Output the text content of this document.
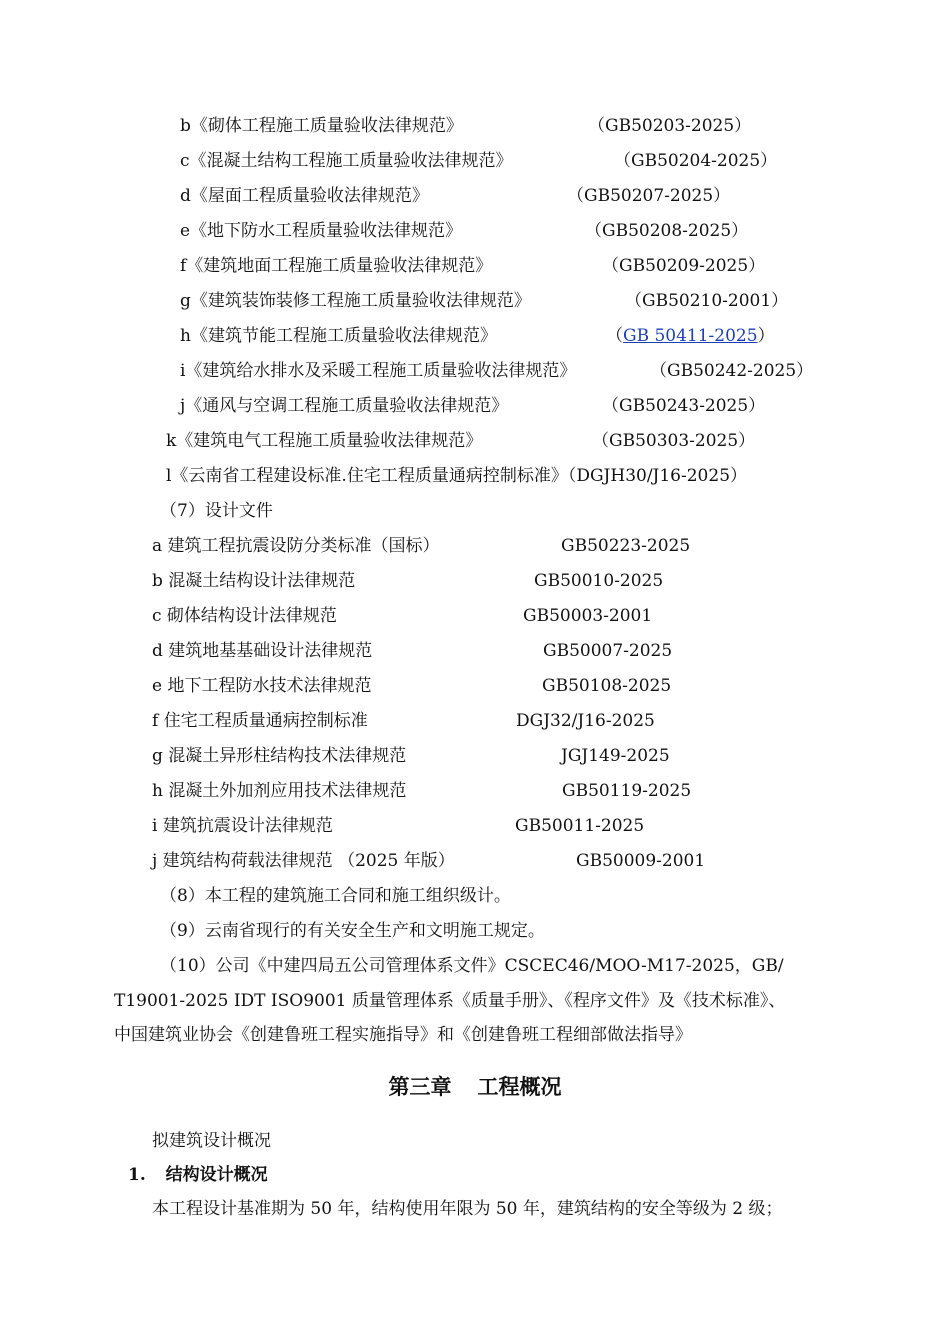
b《砌体工程施工质量验收法律规范》	（GB50203-2025）
c《混凝土结构工程施工质量验收法律规范》	（GB50204-2025）
d《屋面工程质量验收法律规范》	（GB50207-2025）
e《地下防水工程质量验收法律规范》	（GB50208-2025）
f《建筑地面工程施工质量验收法律规范》	（GB50209-2025）
g《建筑装饰装修工程施工质量验收法律规范》	（GB50210-2001）
h《建筑节能工程施工质量验收法律规范》	（GB 50411-2025）
i《建筑给水排水及采暖工程施工质量验收法律规范》	（GB50242-2025）
j《通风与空调工程施工质量验收法律规范》	（GB50243-2025）
k《建筑电气工程施工质量验收法律规范》	（GB50303-2025）
l《云南省工程建设标准.住宅工程质量通病控制标准》（DGJH30/J16-2025）
（7）设计文件
a 建筑工程抗震设防分类标准（国标）	GB50223-2025
b 混凝土结构设计法律规范	GB50010-2025
c 砌体结构设计法律规范	GB50003-2001
d 建筑地基基础设计法律规范	GB50007-2025
e 地下工程防水技术法律规范	GB50108-2025
f 住宅工程质量通病控制标准	DGJ32/J16-2025
g 混凝土异形柱结构技术法律规范	JGJ149-2025
h 混凝土外加剂应用技术法律规范	GB50119-2025
i 建筑抗震设计法律规范	GB50011-2025
j 建筑结构荷载法律规范 （2025 年版）	GB50009-2001
（8）本工程的建筑施工合同和施工组织级计。
（9）云南省现行的有关安全生产和文明施工规定。
（10）公司《中建四局五公司管理体系文件》CSCEC46/MOO-M17-2025，GB/
T19001-2025 IDT ISO9001 质量管理体系《质量手册》、《程序文件》及《技术标准》、
中国建筑业协会《创建鲁班工程实施指导》和《创建鲁班工程细部做法指导》
第三章 工程概况
拟建筑设计概况
1. 结构设计概况
本工程设计基准期为 50 年，结构使用年限为 50 年，建筑结构的安全等级为 2 级；
